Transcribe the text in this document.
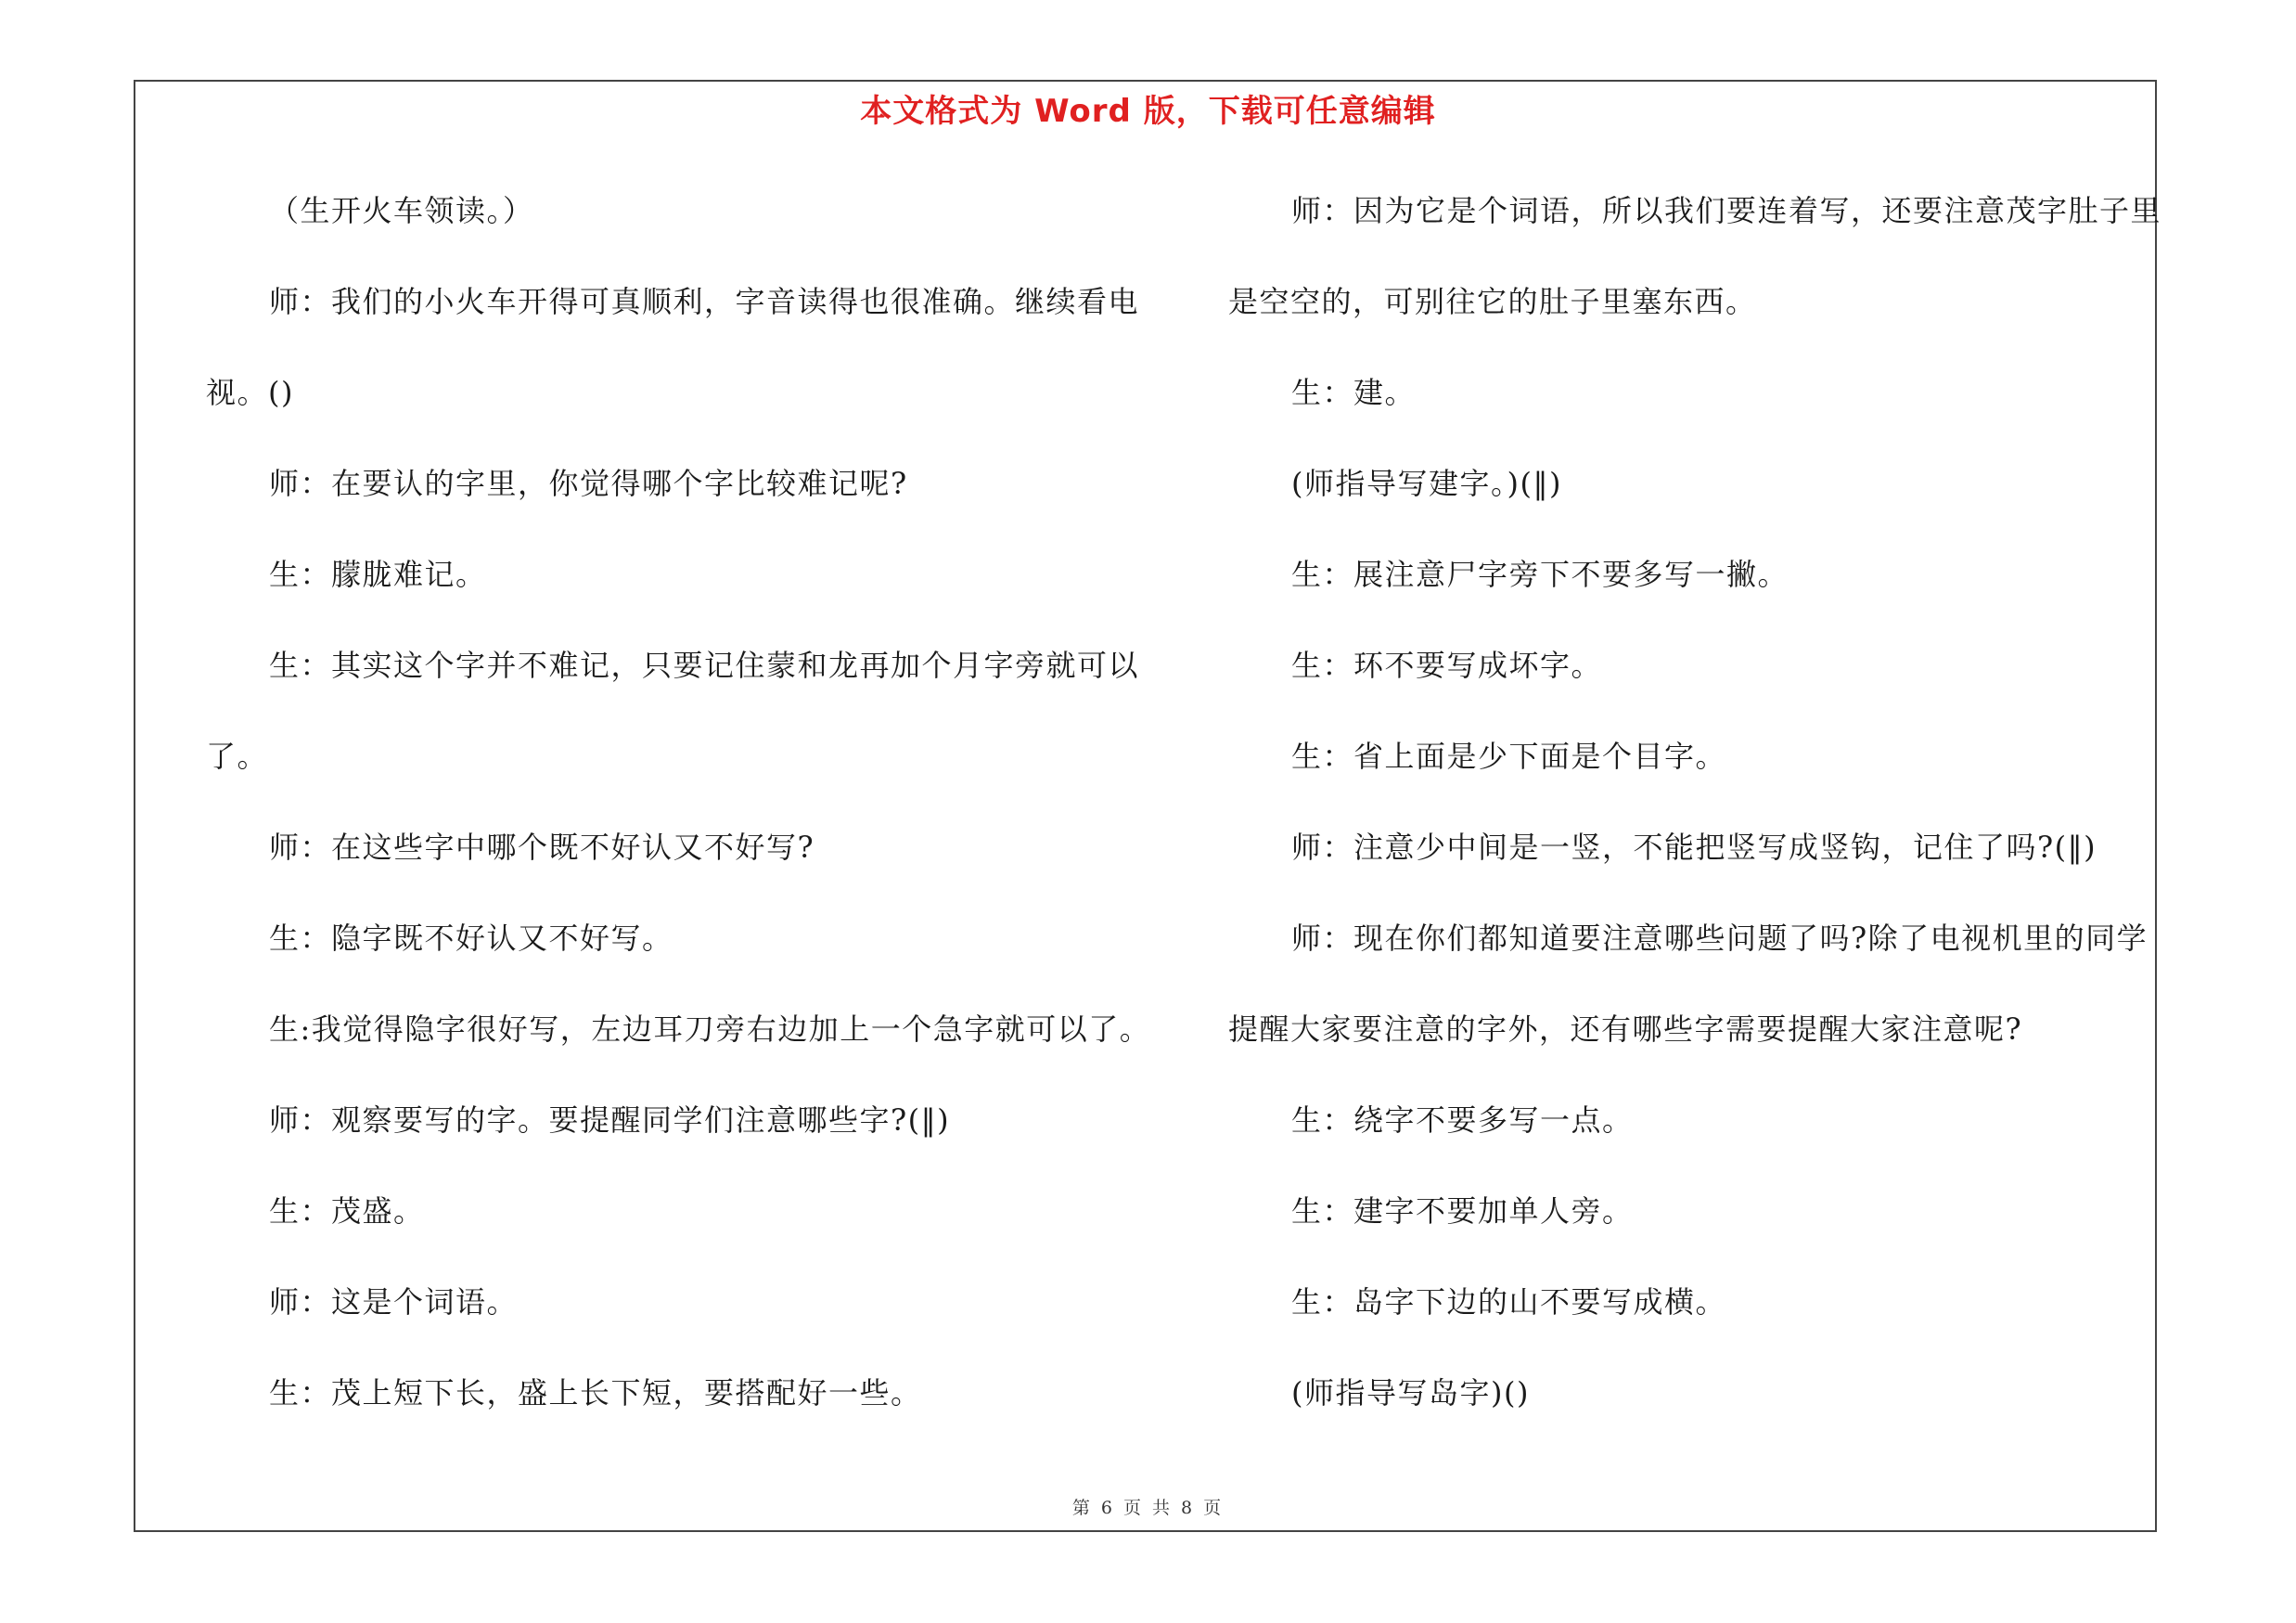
本文格式为 Word 版，下载可任意编辑
（生开火车领读。）
师：我们的小火车开得可真顺利，字音读得也很准确。继续看电
视。()
师：在要认的字里，你觉得哪个字比较难记呢?
生：朦胧难记。
生：其实这个字并不难记，只要记住蒙和龙再加个月字旁就可以
了。
师：在这些字中哪个既不好认又不好写?
生：隐字既不好认又不好写。
生:我觉得隐字很好写，左边耳刀旁右边加上一个急字就可以了。
师：观察要写的字。要提醒同学们注意哪些字?(‖)
生：茂盛。
师：这是个词语。
生：茂上短下长，盛上长下短，要搭配好一些。
师：因为它是个词语，所以我们要连着写，还要注意茂字肚子里
是空空的，可别往它的肚子里塞东西。
生：建。
(师指导写建字。)(‖)
生：展注意尸字旁下不要多写一撇。
生：环不要写成坏字。
生：省上面是少下面是个目字。
师：注意少中间是一竖，不能把竖写成竖钩，记住了吗?(‖)
师：现在你们都知道要注意哪些问题了吗?除了电视机里的同学
提醒大家要注意的字外，还有哪些字需要提醒大家注意呢?
生：绕字不要多写一点。
生：建字不要加单人旁。
生：岛字下边的山不要写成横。
(师指导写岛字)()
第 6 页 共 8 页
